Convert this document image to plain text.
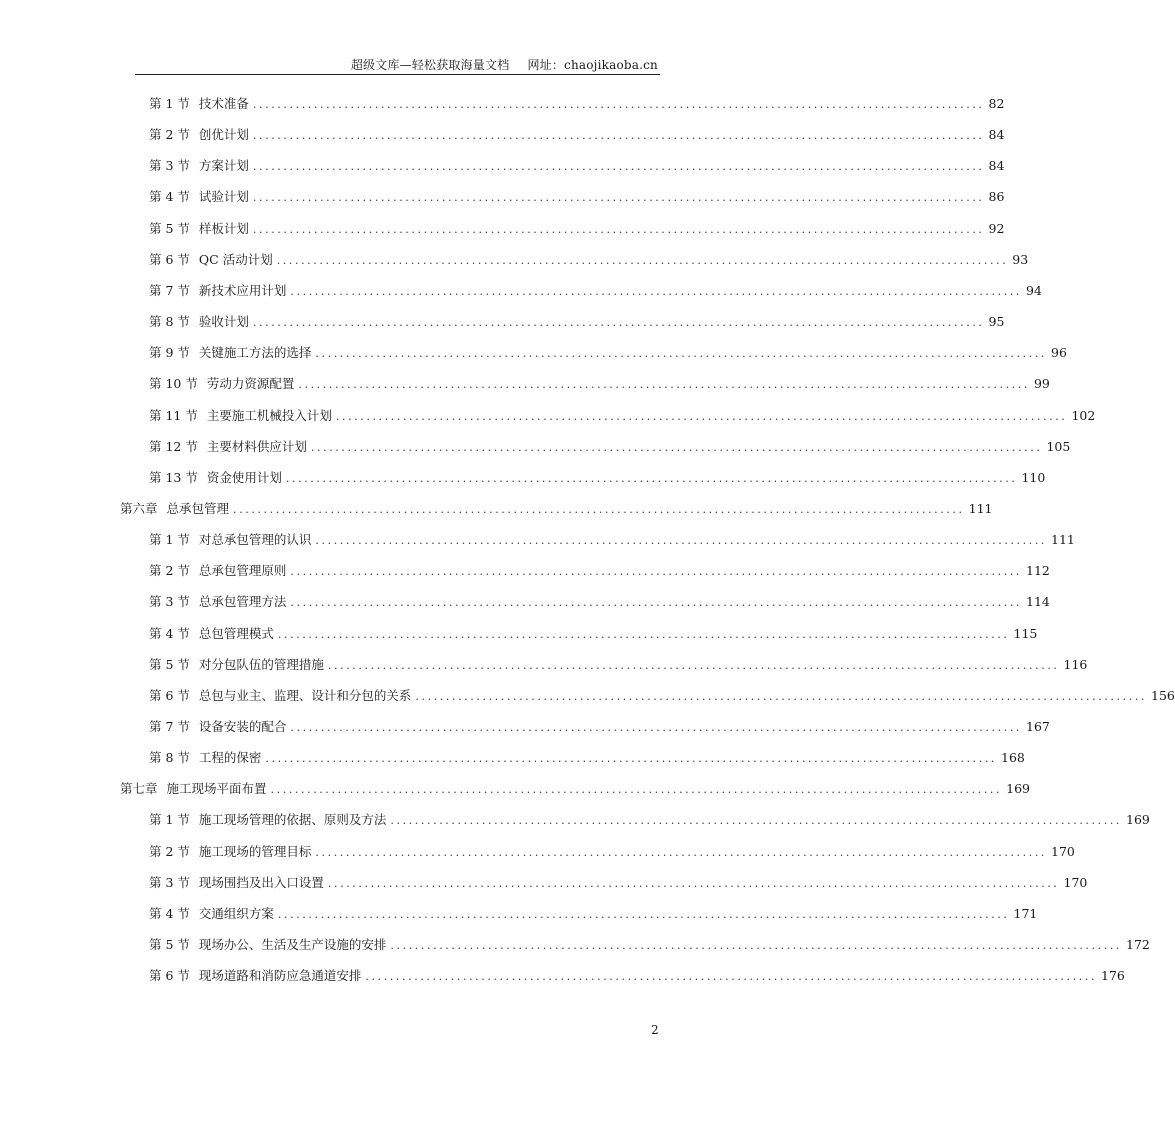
超级文库—轻松获取海量文档 网址：chaojikaoba.cn
第 1 节 技术准备 ........................................................................................................................ 82
第 2 节 创优计划 ........................................................................................................................ 84
第 3 节 方案计划 ........................................................................................................................ 84
第 4 节 试验计划 ........................................................................................................................ 86
第 5 节 样板计划 ........................................................................................................................ 92
第 6 节 QC 活动计划 ........................................................................................................................ 93
第 7 节 新技术应用计划 ........................................................................................................................ 94
第 8 节 验收计划 ........................................................................................................................ 95
第 9 节 关键施工方法的选择 ........................................................................................................................ 96
第 10 节 劳动力资源配置 ........................................................................................................................ 99
第 11 节 主要施工机械投入计划 ........................................................................................................................ 102
第 12 节 主要材料供应计划 ........................................................................................................................ 105
第 13 节 资金使用计划 ........................................................................................................................ 110
第六章 总承包管理 ........................................................................................................................ 111
第 1 节 对总承包管理的认识 ........................................................................................................................ 111
第 2 节 总承包管理原则 ........................................................................................................................ 112
第 3 节 总承包管理方法 ........................................................................................................................ 114
第 4 节 总包管理模式 ........................................................................................................................ 115
第 5 节 对分包队伍的管理措施 ........................................................................................................................ 116
第 6 节 总包与业主、监理、设计和分包的关系 ........................................................................................................................ 156
第 7 节 设备安装的配合 ........................................................................................................................ 167
第 8 节 工程的保密 ........................................................................................................................ 168
第七章 施工现场平面布置 ........................................................................................................................ 169
第 1 节 施工现场管理的依据、原则及方法 ........................................................................................................................ 169
第 2 节 施工现场的管理目标 ........................................................................................................................ 170
第 3 节 现场围挡及出入口设置 ........................................................................................................................ 170
第 4 节 交通组织方案 ........................................................................................................................ 171
第 5 节 现场办公、生活及生产设施的安排 ........................................................................................................................ 172
第 6 节 现场道路和消防应急通道安排 ........................................................................................................................ 176
2
